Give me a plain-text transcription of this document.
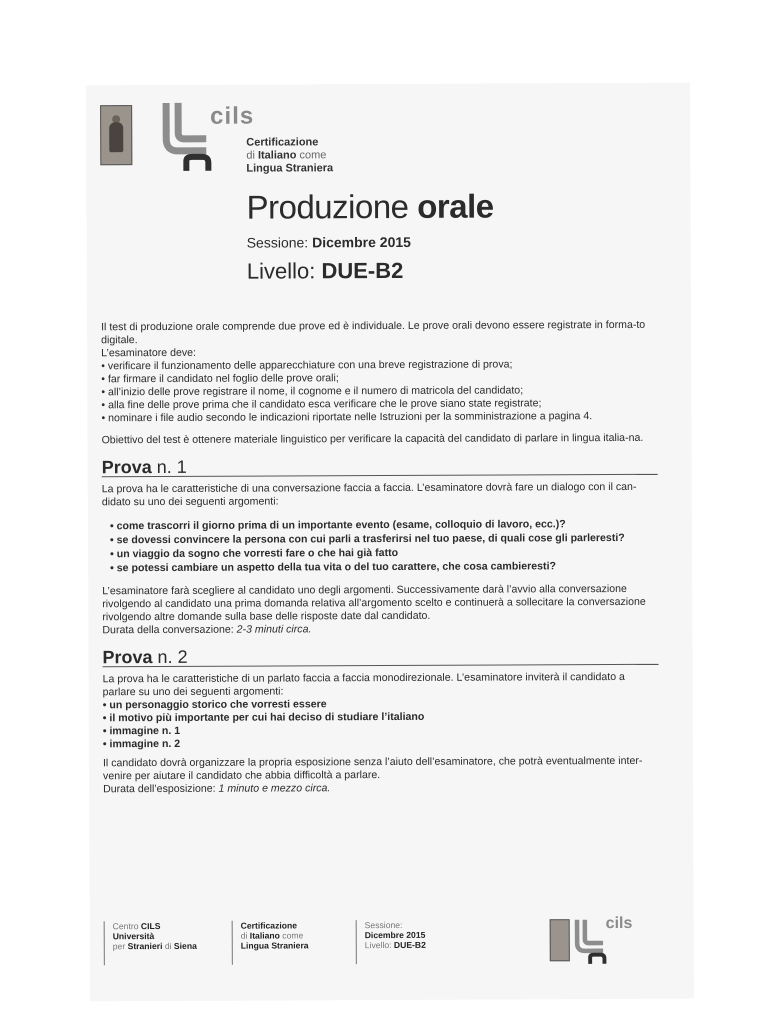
cils
Certificazione
di Italiano come
Lingua Straniera
Produzione orale
Sessione: Dicembre 2015
Livello: DUE-B2

Il test di produzione orale comprende due prove ed è individuale. Le prove orali devono essere registrate in forma-to digitale.

L’esaminatore deve:

• verificare il funzionamento delle apparecchiature con una breve registrazione di prova;
• far firmare il candidato nel foglio delle prove orali;
• all’inizio delle prove registrare il nome, il cognome e il numero di matricola del candidato;
• alla fine delle prove prima che il candidato esca verificare che le prove siano state registrate;
• nominare i file audio secondo le indicazioni riportate nelle Istruzioni per la somministrazione a pagina 4.

Obiettivo del test è ottenere materiale linguistico per verificare la capacità del candidato di parlare in lingua italia-na.

Prova n. 1

La prova ha le caratteristiche di una conversazione faccia a faccia. L’esaminatore dovrà fare un dialogo con il can-didato su uno dei seguenti argomenti:

• come trascorri il giorno prima di un importante evento (esame, colloquio di lavoro, ecc.)?
• se dovessi convincere la persona con cui parli a trasferirsi nel tuo paese, di quali cose gli parleresti?
• un viaggio da sogno che vorresti fare o che hai già fatto
• se potessi cambiare un aspetto della tua vita o del tuo carattere, che cosa cambieresti?

L’esaminatore farà scegliere al candidato uno degli argomenti. Successivamente darà l’avvio alla conversazione rivolgendo al candidato una prima domanda relativa all’argomento scelto e continuerà a sollecitare la conversazione rivolgendo altre domande sulla base delle risposte date dal candidato.

Durata della conversazione: 2-3 minuti circa.

Prova n. 2

La prova ha le caratteristiche di un parlato faccia a faccia monodirezionale. L’esaminatore inviterà il candidato a parlare su uno dei seguenti argomenti:

• un personaggio storico che vorresti essere
• il motivo più importante per cui hai deciso di studiare l’italiano
• immagine n. 1
• immagine n. 2

Il candidato dovrà organizzare la propria esposizione senza l’aiuto dell’esaminatore, che potrà eventualmente inter-venire per aiutare il candidato che abbia difficoltà a parlare.

Durata dell’esposizione: 1 minuto e mezzo circa.

Centro CILS
Università
per Stranieri di Siena
Certificazione
di Italiano come
Lingua Straniera
Sessione:
Dicembre 2015
Livello: DUE-B2
cils
